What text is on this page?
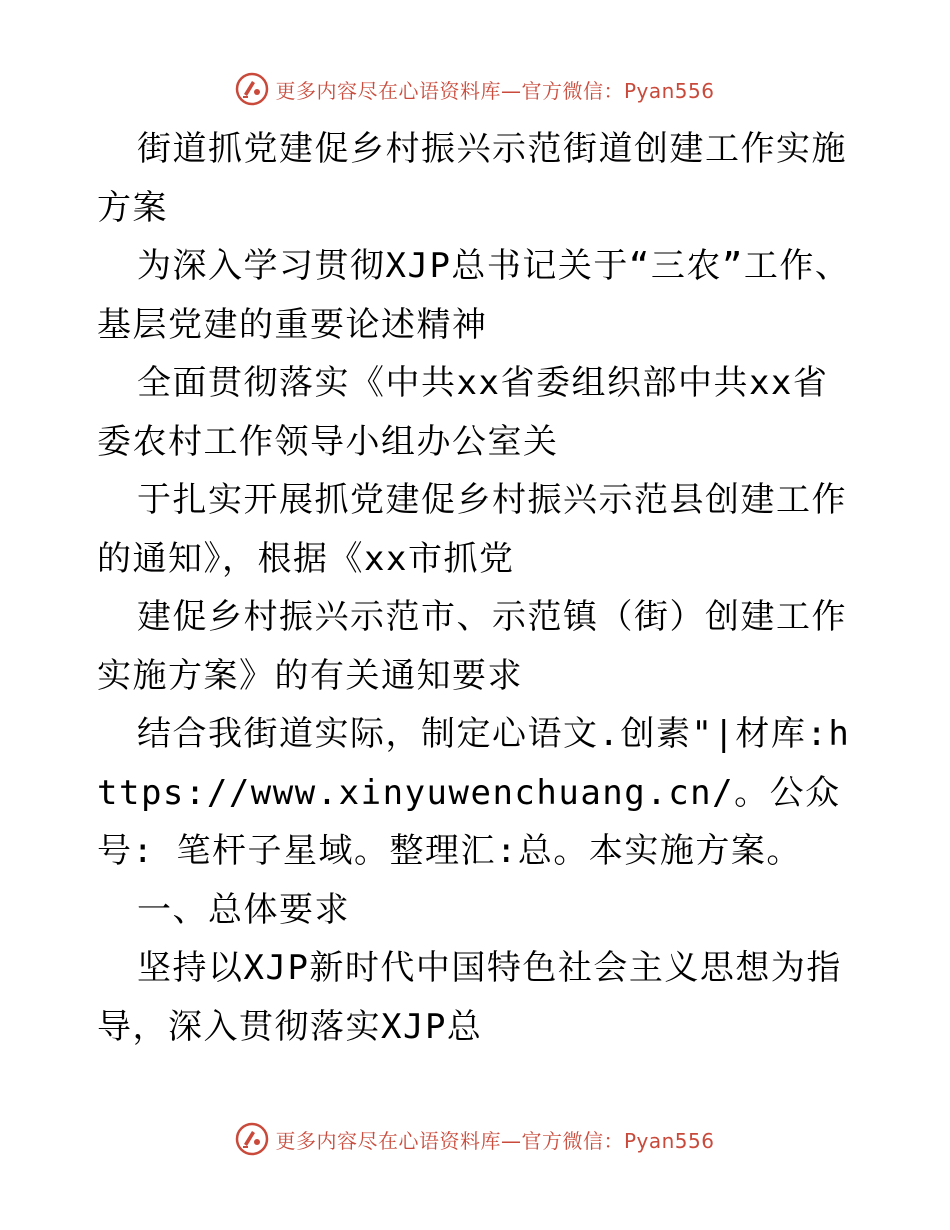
更多内容尽在心语资料库—官方微信：Pyan556

街道抓党建促乡村振兴示范街道创建工作实施方案

为深入学习贯彻XJP总书记关于“三农”工作、基层党建的重要论述精神

全面贯彻落实《中共xx省委组织部中共xx省委农村工作领导小组办公室关

于扎实开展抓党建促乡村振兴示范县创建工作的通知》，根据《xx市抓党

建促乡村振兴示范市、示范镇（街）创建工作实施方案》的有关通知要求

结合我街道实际，制定心语文.创素"|材库:https://www.xinyuwenchuang.cn/。公众号: 笔杆子星域。整理汇:总。本实施方案。

一、总体要求

坚持以XJP新时代中国特色社会主义思想为指导，深入贯彻落实XJP总

更多内容尽在心语资料库—官方微信：Pyan556
